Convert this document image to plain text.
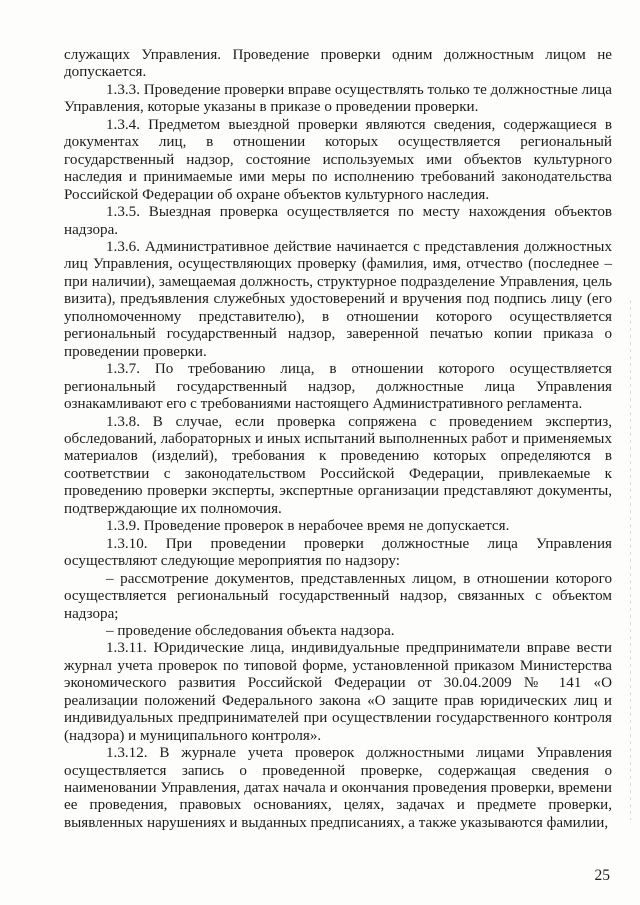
служащих Управления. Проведение проверки одним должностным лицом не допускается.

1.3.3. Проведение проверки вправе осуществлять только те должностные лица Управления, которые указаны в приказе о проведении проверки.

1.3.4. Предметом выездной проверки являются сведения, содержащиеся в документах лиц, в отношении которых осуществляется региональный государственный надзор, состояние используемых ими объектов культурного наследия и принимаемые ими меры по исполнению требований законодательства Российской Федерации об охране объектов культурного наследия.

1.3.5. Выездная проверка осуществляется по месту нахождения объектов надзора.

1.3.6. Административное действие начинается с представления должностных лиц Управления, осуществляющих проверку (фамилия, имя, отчество (последнее – при наличии), замещаемая должность, структурное подразделение Управления, цель визита), предъявления служебных удостоверений и вручения под подпись лицу (его уполномоченному представителю), в отношении которого осуществляется региональный государственный надзор, заверенной печатью копии приказа о проведении проверки.

1.3.7. По требованию лица, в отношении которого осуществляется региональный государственный надзор, должностные лица Управления ознакамливают его с требованиями настоящего Административного регламента.

1.3.8. В случае, если проверка сопряжена с проведением экспертиз, обследований, лабораторных и иных испытаний выполненных работ и применяемых материалов (изделий), требования к проведению которых определяются в соответствии с законодательством Российской Федерации, привлекаемые к проведению проверки эксперты, экспертные организации представляют документы, подтверждающие их полномочия.

1.3.9. Проведение проверок в нерабочее время не допускается.

1.3.10. При проведении проверки должностные лица Управления осуществляют следующие мероприятия по надзору:

– рассмотрение документов, представленных лицом, в отношении которого осуществляется региональный государственный надзор, связанных с объектом надзора;

– проведение обследования объекта надзора.

1.3.11. Юридические лица, индивидуальные предприниматели вправе вести журнал учета проверок по типовой форме, установленной приказом Министерства экономического развития Российской Федерации от 30.04.2009 № 141 «О реализации положений Федерального закона «О защите прав юридических лиц и индивидуальных предпринимателей при осуществлении государственного контроля (надзора) и муниципального контроля».

1.3.12. В журнале учета проверок должностными лицами Управления осуществляется запись о проведенной проверке, содержащая сведения о наименовании Управления, датах начала и окончания проведения проверки, времени ее проведения, правовых основаниях, целях, задачах и предмете проверки, выявленных нарушениях и выданных предписаниях, а также указываются фамилии,

25
